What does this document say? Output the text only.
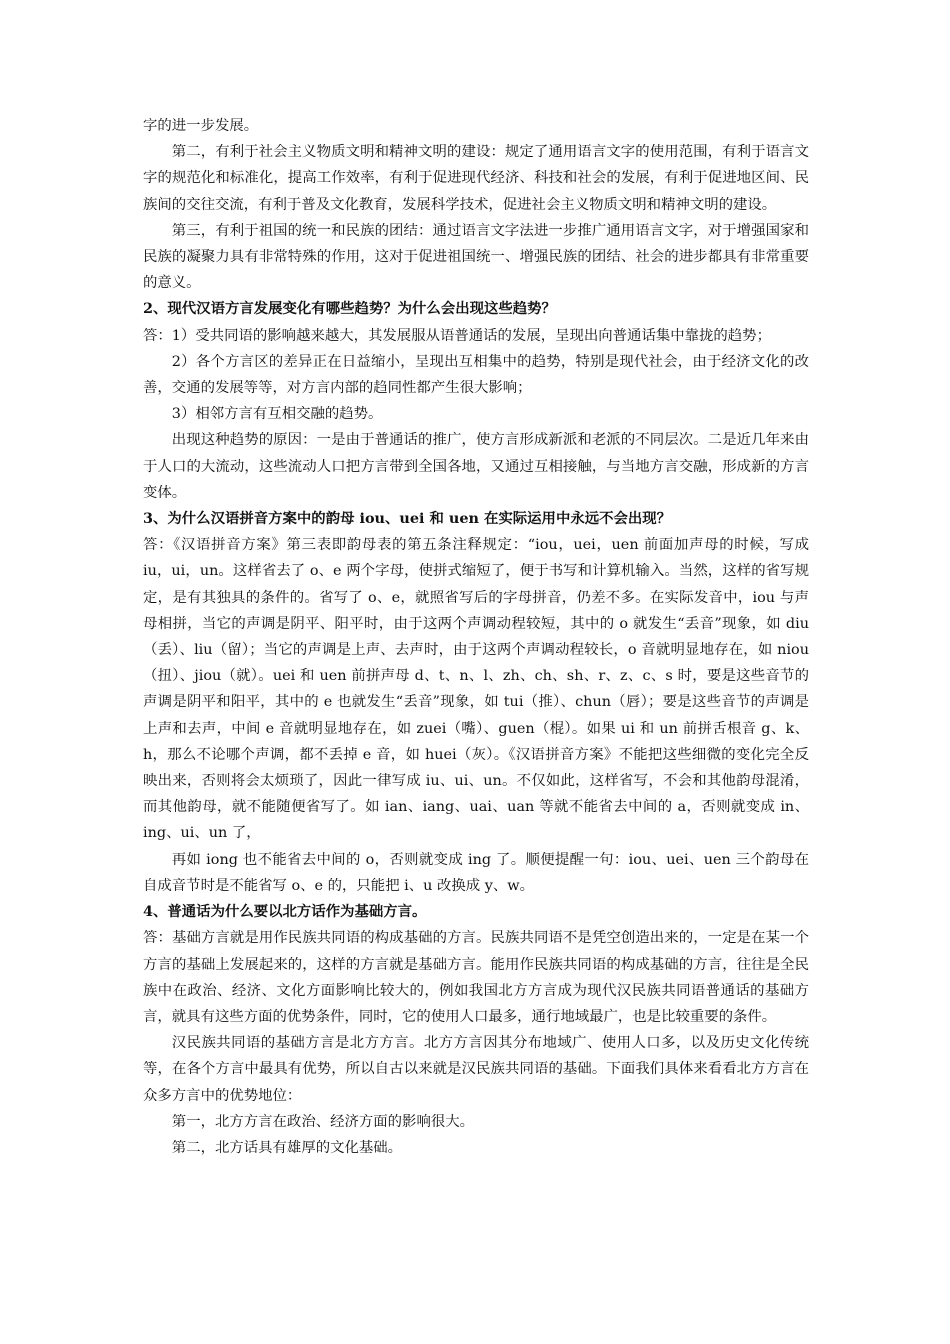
字的进一步发展。

第二，有利于社会主义物质文明和精神文明的建设：规定了通用语言文字的使用范围，有利于语言文字的规范化和标准化，提高工作效率，有利于促进现代经济、科技和社会的发展，有利于促进地区间、民族间的交往交流，有利于普及文化教育，发展科学技术，促进社会主义物质文明和精神文明的建设。

第三，有利于祖国的统一和民族的团结：通过语言文字法进一步推广通用语言文字，对于增强国家和民族的凝聚力具有非常特殊的作用，这对于促进祖国统一、增强民族的团结、社会的进步都具有非常重要的意义。

2、现代汉语方言发展变化有哪些趋势？为什么会出现这些趋势？

答：1）受共同语的影响越来越大，其发展服从语普通话的发展，呈现出向普通话集中靠拢的趋势；

2）各个方言区的差异正在日益缩小，呈现出互相集中的趋势，特别是现代社会，由于经济文化的改善，交通的发展等等，对方言内部的趋同性都产生很大影响；

3）相邻方言有互相交融的趋势。

出现这种趋势的原因：一是由于普通话的推广，使方言形成新派和老派的不同层次。二是近几年来由于人口的大流动，这些流动人口把方言带到全国各地，又通过互相接触，与当地方言交融，形成新的方言变体。

3、为什么汉语拼音方案中的韵母 iou、uei 和 uen 在实际运用中永远不会出现？

答：《汉语拼音方案》第三表即韵母表的第五条注释规定：“iou，uei，uen 前面加声母的时候，写成 iu，ui，un。这样省去了 o、e 两个字母，使拼式缩短了，便于书写和计算机输入。当然，这样的省写规定，是有其独具的条件的。省写了 o、e，就照省写后的字母拼音，仍差不多。在实际发音中，iou 与声母相拼，当它的声调是阴平、阳平时，由于这两个声调动程较短，其中的 o 就发生“丢音”现象，如 diu（丢）、liu（留）；当它的声调是上声、去声时，由于这两个声调动程较长，o 音就明显地存在，如 niou（扭）、jiou（就）。uei 和 uen 前拼声母 d、t、n、l、zh、ch、sh、r、z、c、s 时，要是这些音节的声调是阴平和阳平，其中的 e 也就发生“丢音”现象，如 tui（推）、chun（唇）；要是这些音节的声调是上声和去声，中间 e 音就明显地存在，如 zuei（嘴）、guen（棍）。如果 ui 和 un 前拼舌根音 g、k、h，那么不论哪个声调，都不丢掉 e 音，如 huei（灰）。《汉语拼音方案》不能把这些细微的变化完全反映出来，否则将会太烦琐了，因此一律写成 iu、ui、un。不仅如此，这样省写，不会和其他韵母混淆，而其他韵母，就不能随便省写了。如 ian、iang、uai、uan 等就不能省去中间的 a，否则就变成 in、ing、ui、un 了，

再如 iong 也不能省去中间的 o，否则就变成 ing 了。顺便提醒一句：iou、uei、uen 三个韵母在自成音节时是不能省写 o、e 的，只能把 i、u 改换成 y、w。

4、普通话为什么要以北方话作为基础方言。

答：基础方言就是用作民族共同语的构成基础的方言。民族共同语不是凭空创造出来的，一定是在某一个方言的基础上发展起来的，这样的方言就是基础方言。能用作民族共同语的构成基础的方言，往往是全民族中在政治、经济、文化方面影响比较大的，例如我国北方方言成为现代汉民族共同语普通话的基础方言，就具有这些方面的优势条件，同时，它的使用人口最多，通行地域最广，也是比较重要的条件。

汉民族共同语的基础方言是北方方言。北方方言因其分布地域广、使用人口多，以及历史文化传统等，在各个方言中最具有优势，所以自古以来就是汉民族共同语的基础。下面我们具体来看看北方方言在众多方言中的优势地位：

第一，北方方言在政治、经济方面的影响很大。

第二，北方话具有雄厚的文化基础。
